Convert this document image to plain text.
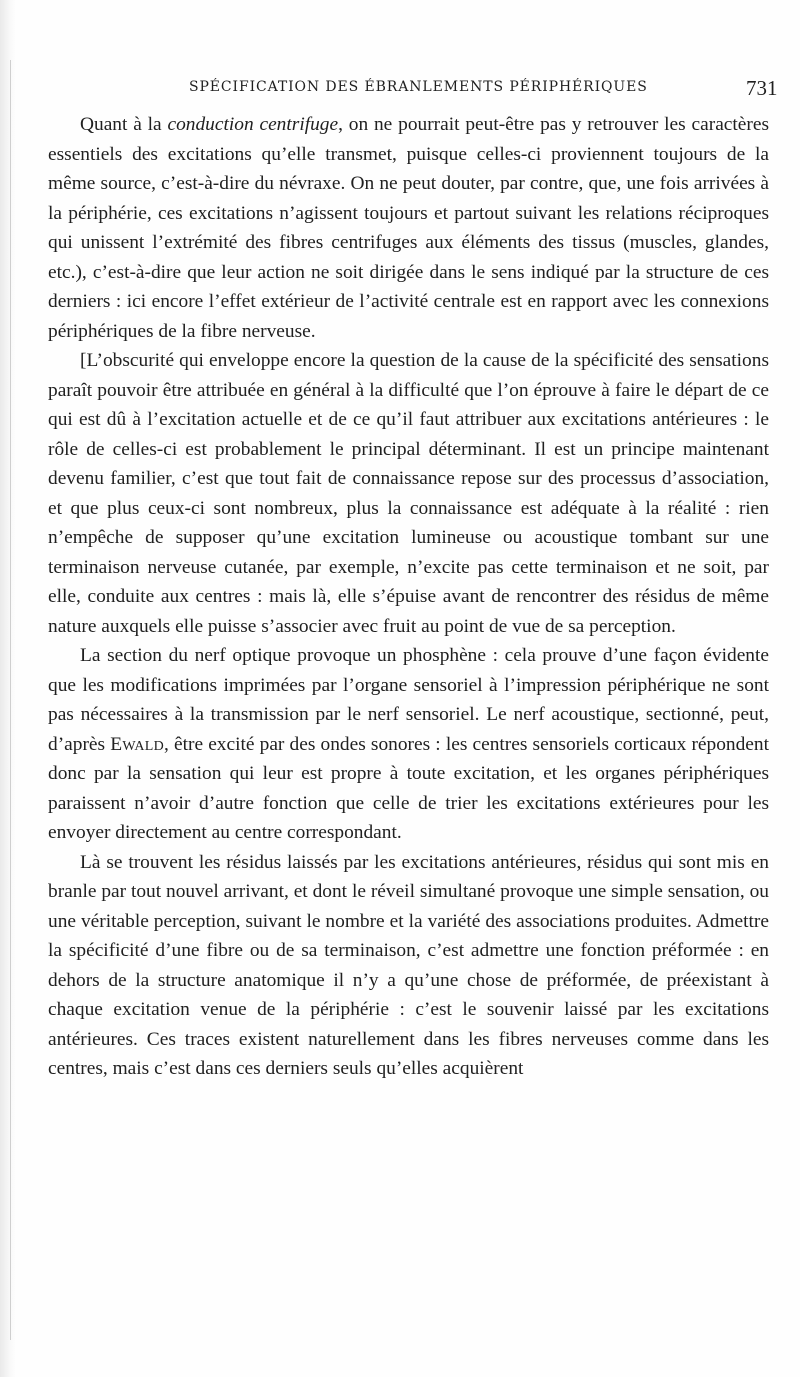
SPÉCIFICATION DES ÉBRANLEMENTS PÉRIPHÉRIQUES	731

Quant à la conduction centrifuge, on ne pourrait peut-être pas y retrouver les caractères essentiels des excitations qu’elle transmet, puisque celles-ci proviennent toujours de la même source, c’est-à-dire du névraxe. On ne peut douter, par contre, que, une fois arrivées à la périphérie, ces excitations n’agissent toujours et partout suivant les relations réciproques qui unissent l’extrémité des fibres centrifuges aux éléments des tissus (muscles, glandes, etc.), c’est-à-dire que leur action ne soit dirigée dans le sens indiqué par la structure de ces derniers : ici encore l’effet extérieur de l’activité centrale est en rapport avec les connexions périphériques de la fibre nerveuse.

[L’obscurité qui enveloppe encore la question de la cause de la spécificité des sensations paraît pouvoir être attribuée en général à la difficulté que l’on éprouve à faire le départ de ce qui est dû à l’excitation actuelle et de ce qu’il faut attribuer aux excitations antérieures : le rôle de celles-ci est probablement le principal déterminant. Il est un principe maintenant devenu familier, c’est que tout fait de connaissance repose sur des processus d’association, et que plus ceux-ci sont nombreux, plus la connaissance est adéquate à la réalité : rien n’empêche de supposer qu’une excitation lumineuse ou acoustique tombant sur une terminaison nerveuse cutanée, par exemple, n’excite pas cette terminaison et ne soit, par elle, conduite aux centres : mais là, elle s’épuise avant de rencontrer des résidus de même nature auxquels elle puisse s’associer avec fruit au point de vue de sa perception.

La section du nerf optique provoque un phosphène : cela prouve d’une façon évidente que les modifications imprimées par l’organe sensoriel à l’impression périphérique ne sont pas nécessaires à la transmission par le nerf sensoriel. Le nerf acoustique, sectionné, peut, d’après Ewald, être excité par des ondes sonores : les centres sensoriels corticaux répondent donc par la sensation qui leur est propre à toute excitation, et les organes périphériques paraissent n’avoir d’autre fonction que celle de trier les excitations extérieures pour les envoyer directement au centre correspondant.

Là se trouvent les résidus laissés par les excitations antérieures, résidus qui sont mis en branle par tout nouvel arrivant, et dont le réveil simultané provoque une simple sensation, ou une véritable perception, suivant le nombre et la variété des associations produites. Admettre la spécificité d’une fibre ou de sa terminaison, c’est admettre une fonction préformée : en dehors de la structure anatomique il n’y a qu’une chose de préformée, de préexistant à chaque excitation venue de la périphérie : c’est le souvenir laissé par les excitations antérieures. Ces traces existent naturellement dans les fibres nerveuses comme dans les centres, mais c’est dans ces derniers seuls qu’elles acquièrent
